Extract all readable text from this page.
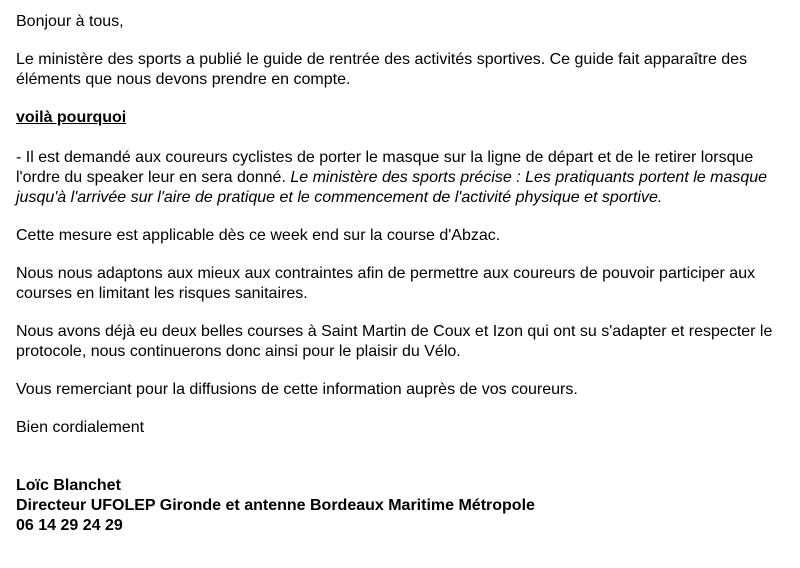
Bonjour à tous,

Le ministère des sports a publié le guide de rentrée des activités sportives. Ce guide fait apparaître des éléments que nous devons prendre en compte.

voilà pourquoi

- Il est demandé aux coureurs cyclistes de porter le masque sur la ligne de départ et de le retirer lorsque l'ordre du speaker leur en sera donné. Le ministère des sports précise : Les pratiquants portent le masque jusqu'à l'arrivée sur l'aire de pratique et le commencement de l'activité physique et sportive.

Cette mesure est applicable dès ce week end sur la course d'Abzac.

Nous nous adaptons aux mieux aux contraintes afin de permettre aux coureurs de pouvoir participer aux courses en limitant les risques sanitaires.

Nous avons déjà eu deux belles courses à Saint Martin de Coux et Izon qui ont su s'adapter et respecter le protocole, nous continuerons donc ainsi pour le plaisir du Vélo.

Vous remerciant pour la diffusions de cette information auprès de vos coureurs.

Bien cordialement

Loïc Blanchet

Directeur UFOLEP Gironde et antenne Bordeaux Maritime Métropole

06 14 29 24 29
